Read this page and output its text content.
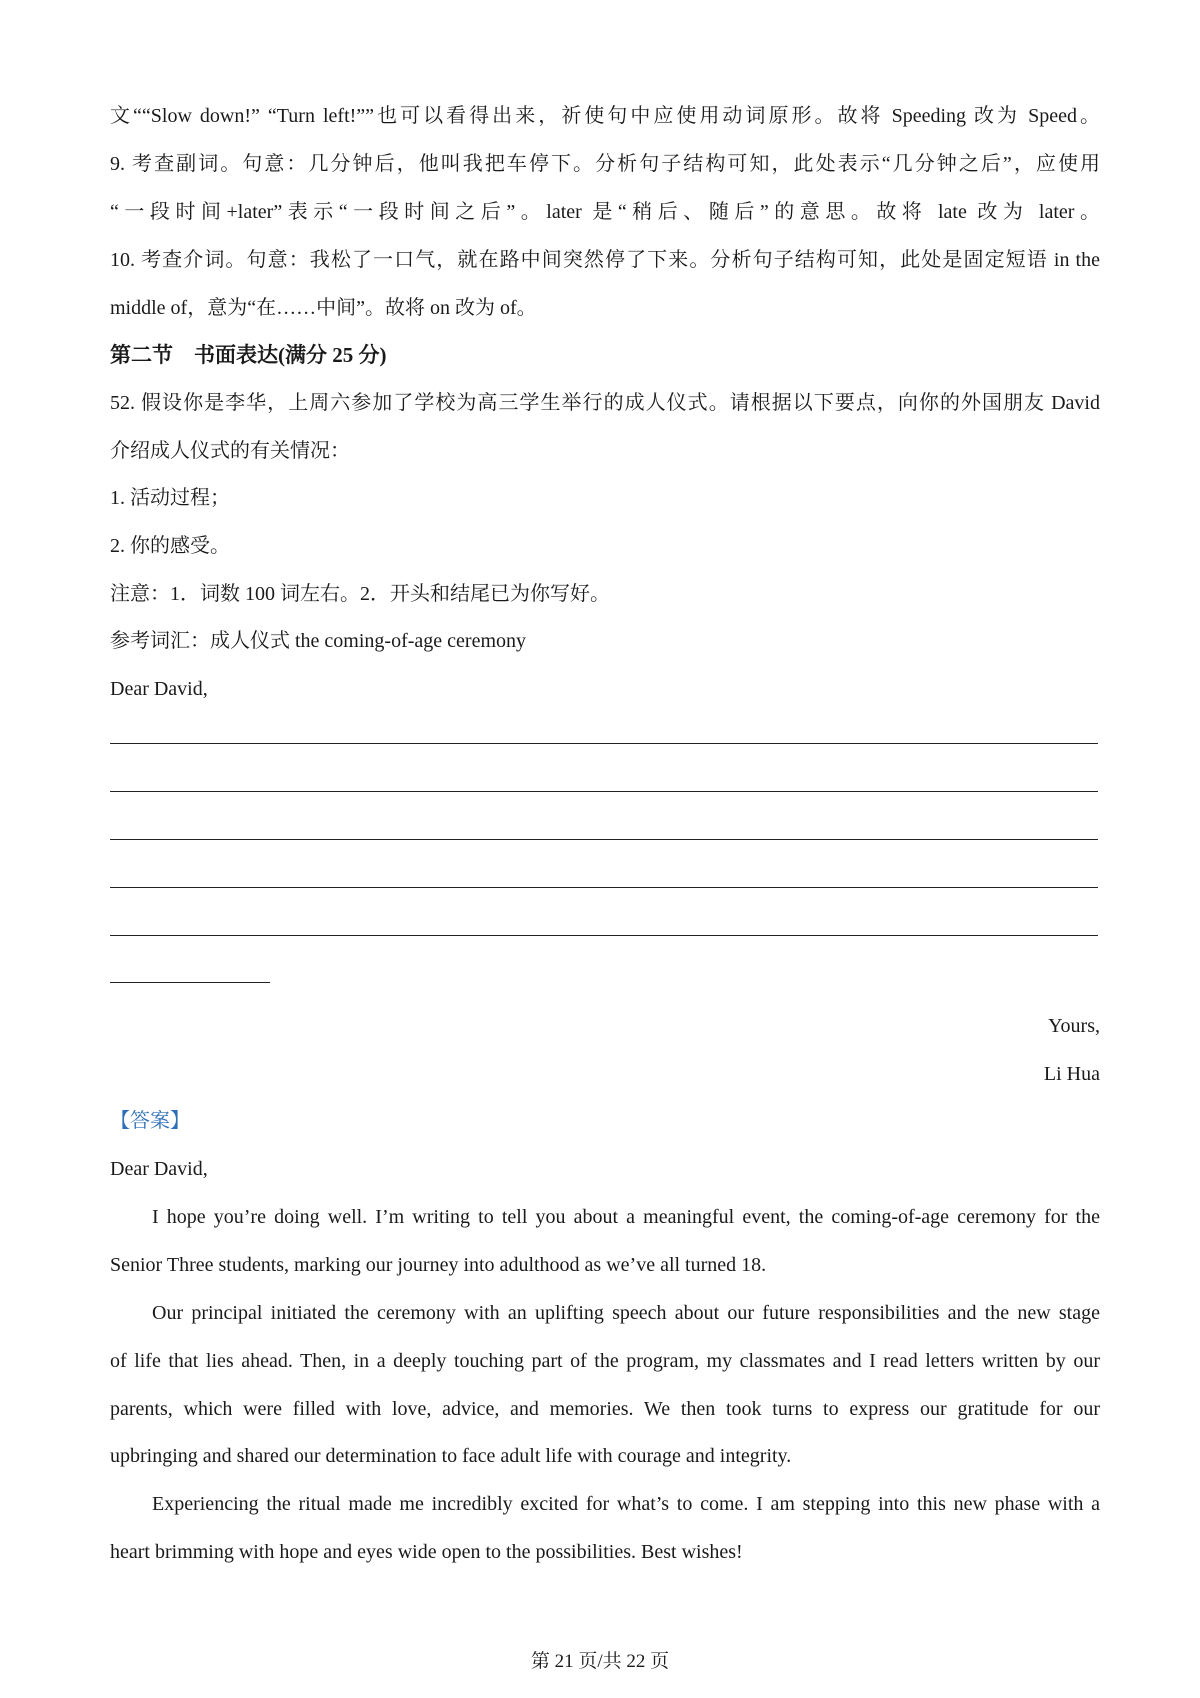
文““Slow down!” “Turn left!””也可以看得出来，祈使句中应使用动词原形。故将 Speeding 改为 Speed。
9. 考查副词。句意：几分钟后，他叫我把车停下。分析句子结构可知，此处表示“几分钟之后”，应使用
“一段时间+later”表示“一段时间之后”。later 是“稍后、随后”的意思。故将 late 改为 later。
10. 考查介词。句意：我松了一口气，就在路中间突然停了下来。分析句子结构可知，此处是固定短语 in the
middle of，意为“在……中间”。故将 on 改为 of。
第二节　书面表达(满分 25 分)
52. 假设你是李华，上周六参加了学校为高三学生举行的成人仪式。请根据以下要点，向你的外国朋友 David
介绍成人仪式的有关情况：
1. 活动过程；
2. 你的感受。
注意：1．词数 100 词左右。2．开头和结尾已为你写好。
参考词汇：成人仪式 the coming-of-age ceremony
Dear David,
Yours,
Li Hua
【答案】
Dear David,
I hope you’re doing well. I’m writing to tell you about a meaningful event, the coming-of-age ceremony for the
Senior Three students, marking our journey into adulthood as we’ve all turned 18.
Our principal initiated the ceremony with an uplifting speech about our future responsibilities and the new stage
of life that lies ahead. Then, in a deeply touching part of the program, my classmates and I read letters written by our
parents, which were filled with love, advice, and memories. We then took turns to express our gratitude for our
upbringing and shared our determination to face adult life with courage and integrity.
Experiencing the ritual made me incredibly excited for what’s to come. I am stepping into this new phase with a
heart brimming with hope and eyes wide open to the possibilities. Best wishes!
第 21 页/共 22 页
